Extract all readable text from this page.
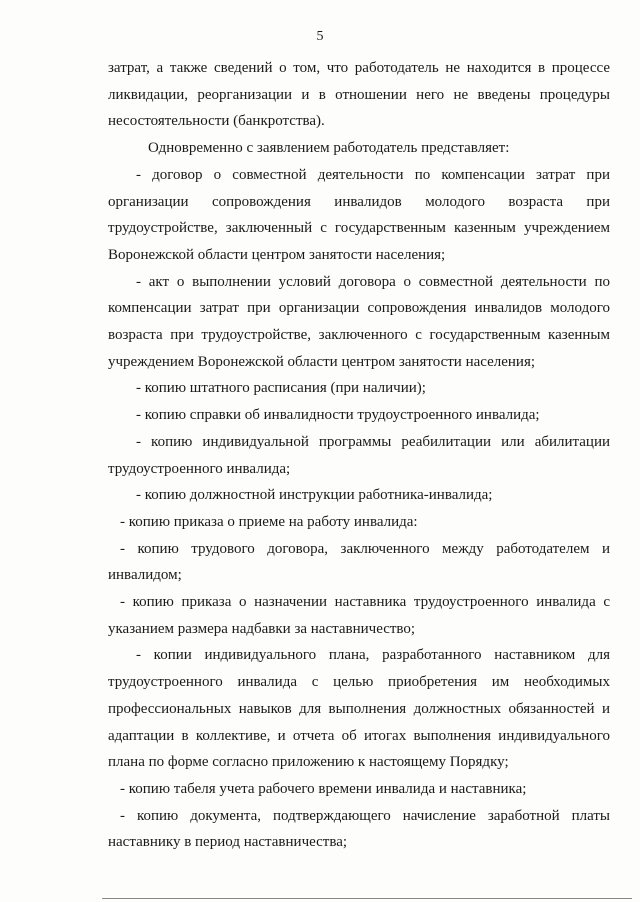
5

затрат, а также сведений о том, что работодатель не находится в процессе ликвидации, реорганизации и в отношении него не введены процедуры несостоятельности (банкротства).

Одновременно с заявлением работодатель представляет:

- договор о совместной деятельности по компенсации затрат при организации сопровождения инвалидов молодого возраста при трудоустройстве, заключенный с государственным казенным учреждением Воронежской области центром занятости населения;

- акт о выполнении условий договора о совместной деятельности по компенсации затрат при организации сопровождения инвалидов молодого возраста при трудоустройстве, заключенного с государственным казенным учреждением Воронежской области центром занятости населения;

- копию штатного расписания (при наличии);

- копию справки об инвалидности трудоустроенного инвалида;

- копию индивидуальной программы реабилитации или абилитации трудоустроенного инвалида;

- копию должностной инструкции работника-инвалида;

- копию приказа о приеме на работу инвалида:

- копию трудового договора, заключенного между работодателем и инвалидом;

- копию приказа о назначении наставника трудоустроенного инвалида с указанием размера надбавки за наставничество;

- копии индивидуального плана, разработанного наставником для трудоустроенного инвалида с целью приобретения им необходимых профессиональных навыков для выполнения должностных обязанностей и адаптации в коллективе, и отчета об итогах выполнения индивидуального плана по форме согласно приложению к настоящему Порядку;

- копию табеля учета рабочего времени инвалида и наставника;

- копию документа, подтверждающего начисление заработной платы наставнику в период наставничества;
